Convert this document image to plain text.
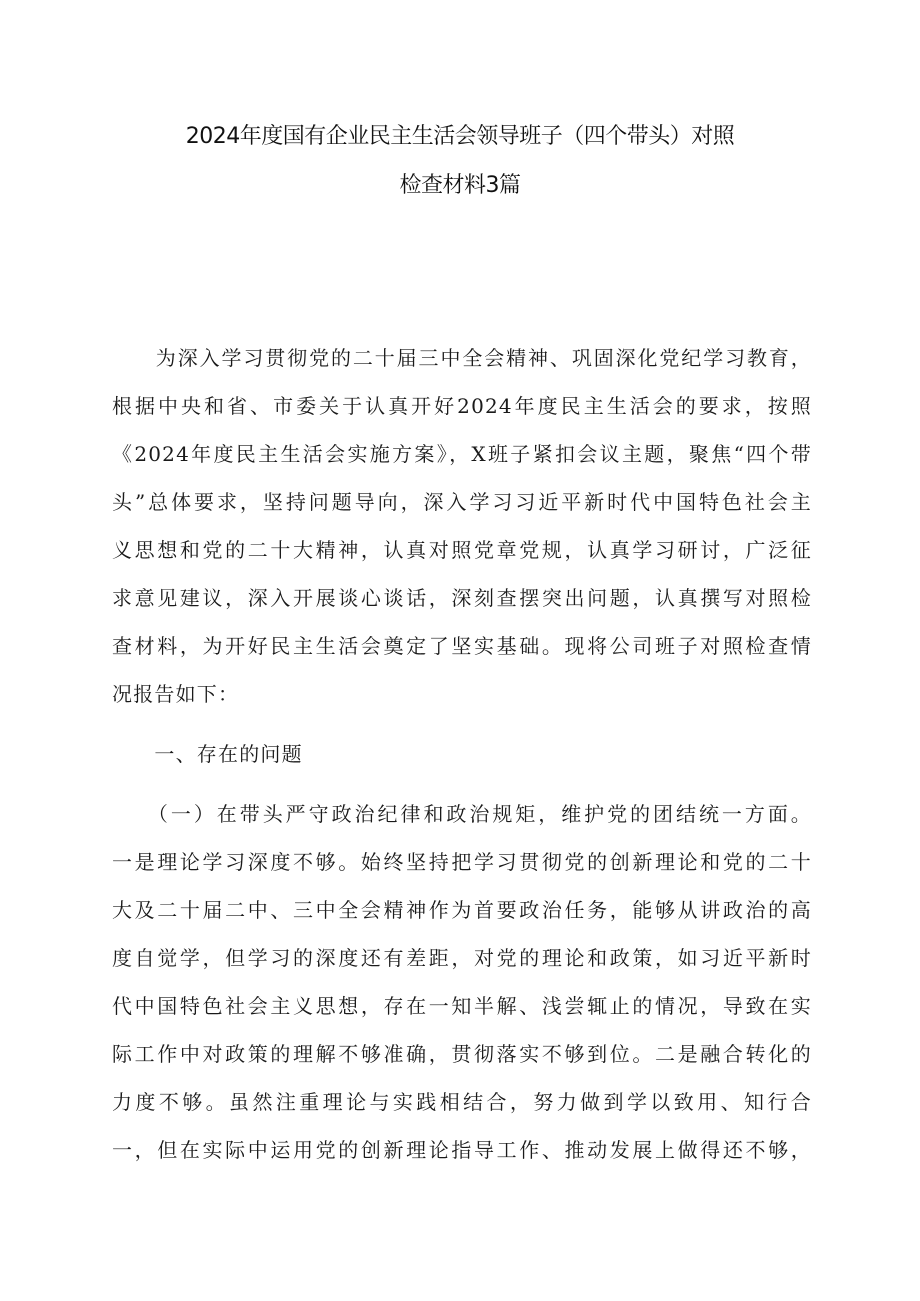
2024年度国有企业民主生活会领导班子（四个带头）对照
检查材料3篇
　　为深入学习贯彻党的二十届三中全会精神、巩固深化党纪学习教育，
根据中央和省、市委关于认真开好2024年度民主生活会的要求，按照
《2024年度民主生活会实施方案》，X班子紧扣会议主题，聚焦“四个带
头”总体要求，坚持问题导向，深入学习习近平新时代中国特色社会主
义思想和党的二十大精神，认真对照党章党规，认真学习研讨，广泛征
求意见建议，深入开展谈心谈话，深刻查摆突出问题，认真撰写对照检
查材料，为开好民主生活会奠定了坚实基础。现将公司班子对照检查情
况报告如下：
　　一、存在的问题
　　（一）在带头严守政治纪律和政治规矩，维护党的团结统一方面。
一是理论学习深度不够。始终坚持把学习贯彻党的创新理论和党的二十
大及二十届二中、三中全会精神作为首要政治任务，能够从讲政治的高
度自觉学，但学习的深度还有差距，对党的理论和政策，如习近平新时
代中国特色社会主义思想，存在一知半解、浅尝辄止的情况，导致在实
际工作中对政策的理解不够准确，贯彻落实不够到位。二是融合转化的
力度不够。虽然注重理论与实践相结合，努力做到学以致用、知行合
一，但在实际中运用党的创新理论指导工作、推动发展上做得还不够，
